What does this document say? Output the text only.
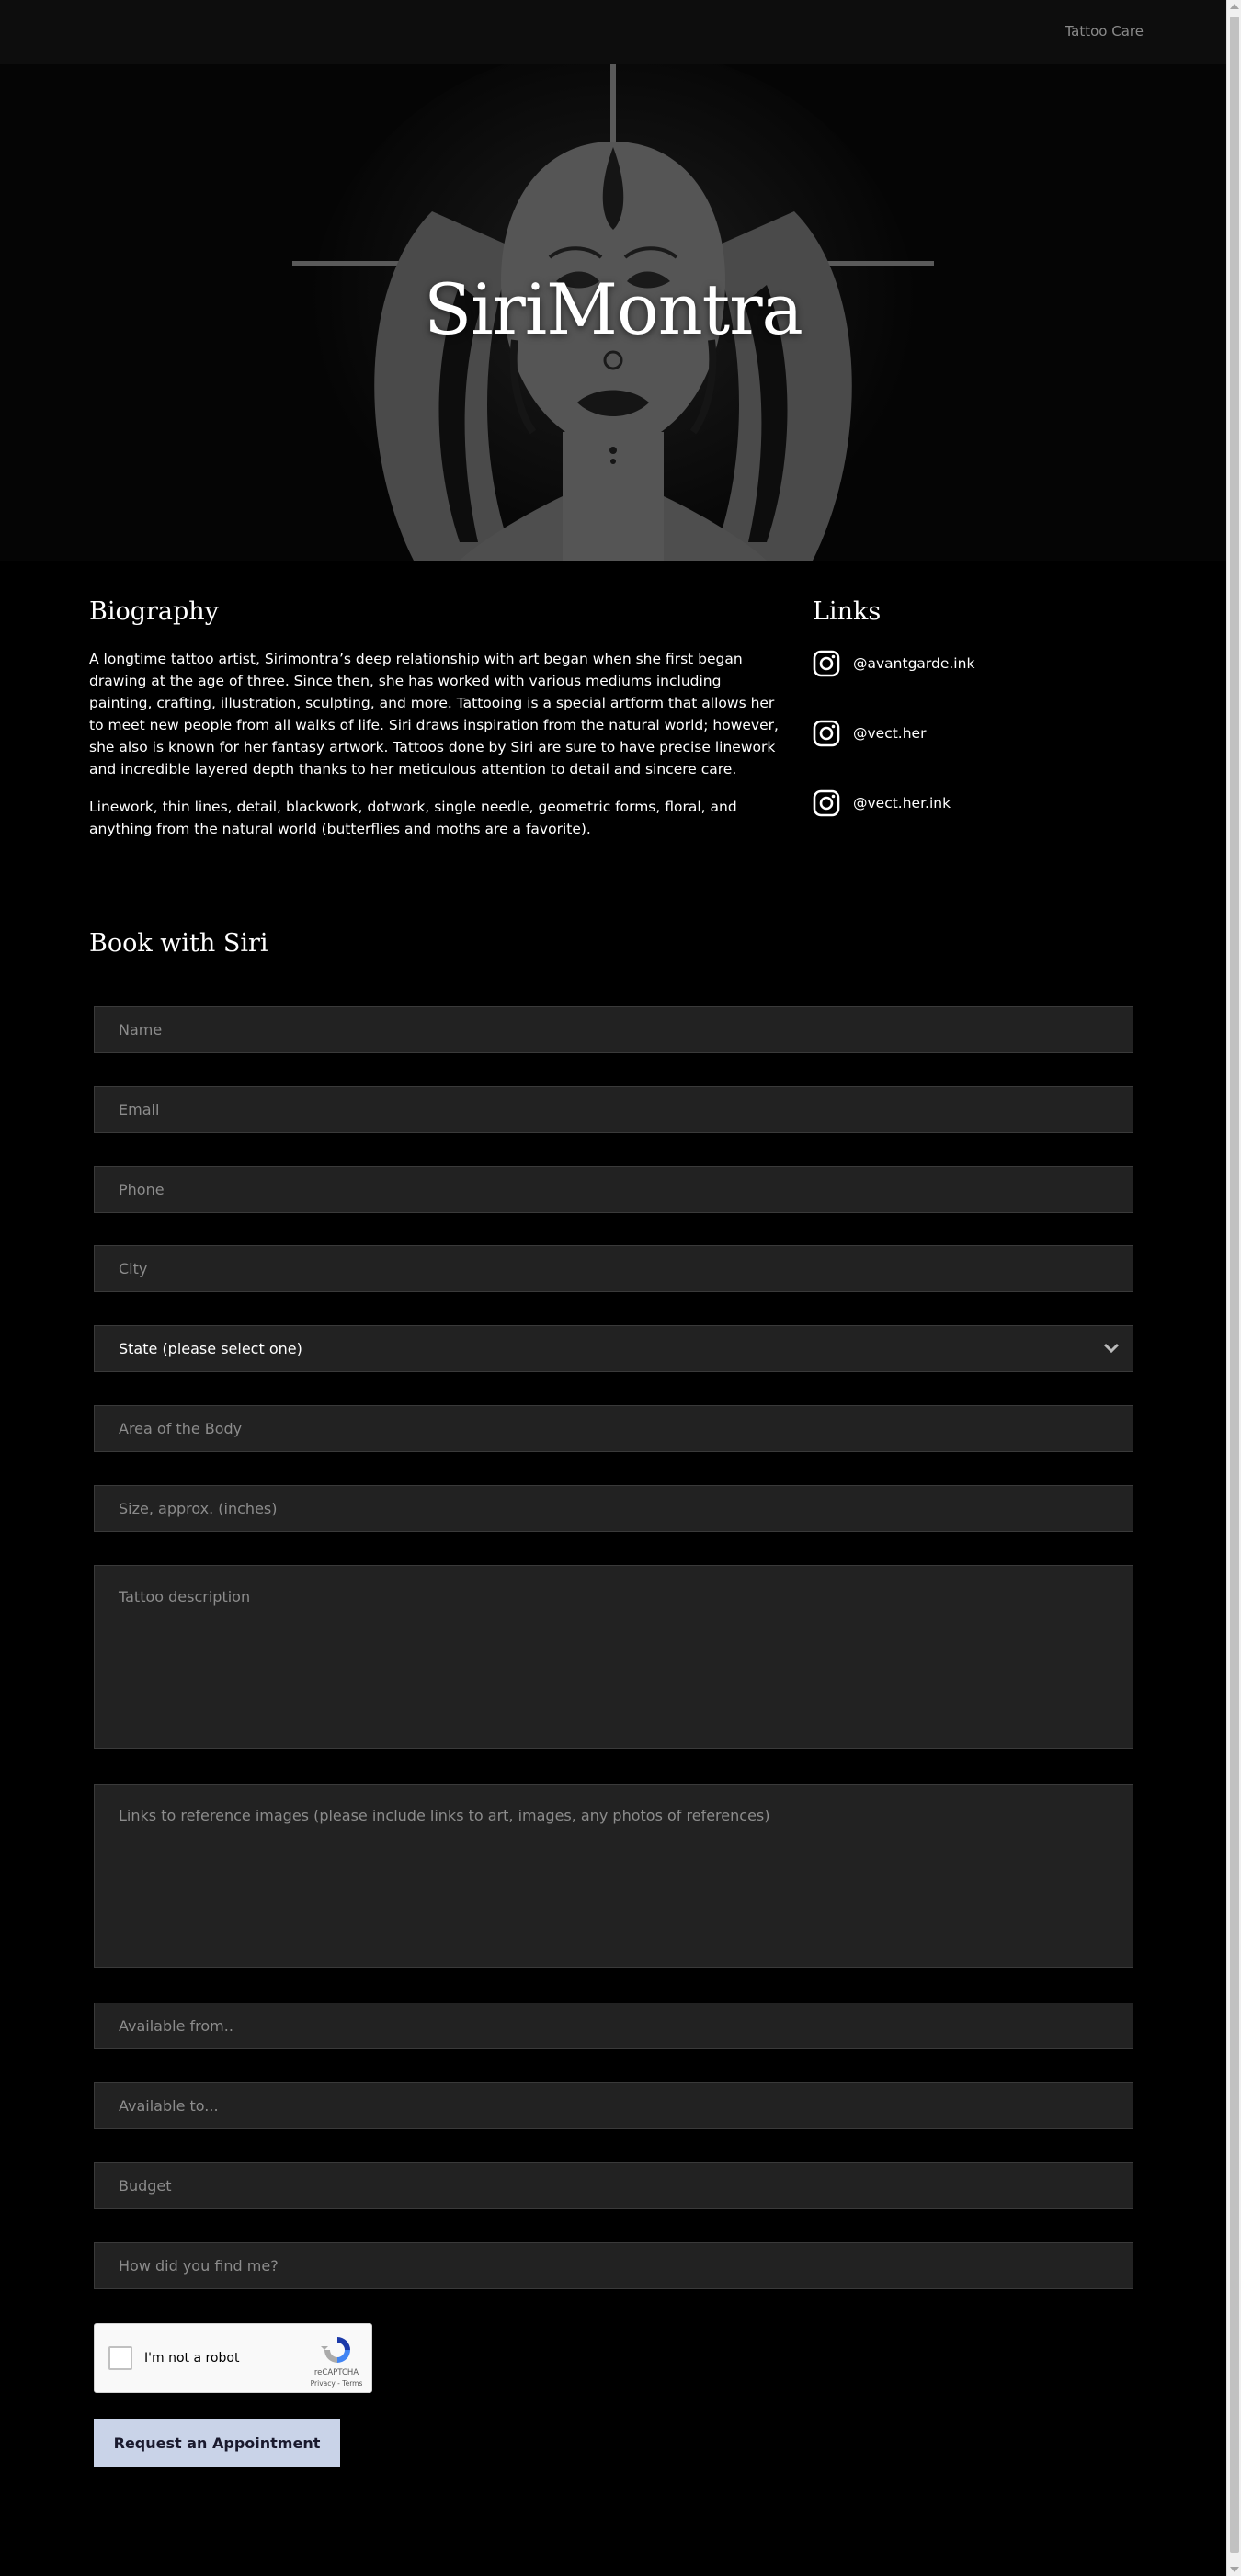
Tattoo Care
SiriMontra
Biography

A longtime tattoo artist, Sirimontra’s deep relationship with art began when she first began drawing at the age of three. Since then, she has worked with various mediums including painting, crafting, illustration, sculpting, and more. Tattooing is a special artform that allows her to meet new people from all walks of life. Siri draws inspiration from the natural world; however, she also is known for her fantasy artwork. Tattoos done by Siri are sure to have precise linework and incredible layered depth thanks to her meticulous attention to detail and sincere care.

Linework, thin lines, detail, blackwork, dotwork, single needle, geometric forms, floral, and anything from the natural world (butterflies and moths are a favorite).

Links
@avantgarde.ink
@vect.her
@vect.her.ink
Book with Siri
Name
Email
Phone
City
State (please select one)
Area of the Body
Size, approx. (inches)
Tattoo description
Links to reference images (please include links to art, images, any photos of references)
Available from..
Available to...
Budget
How did you find me?
I'm not a robot
reCAPTCHA
Privacy - Terms
Request an Appointment
